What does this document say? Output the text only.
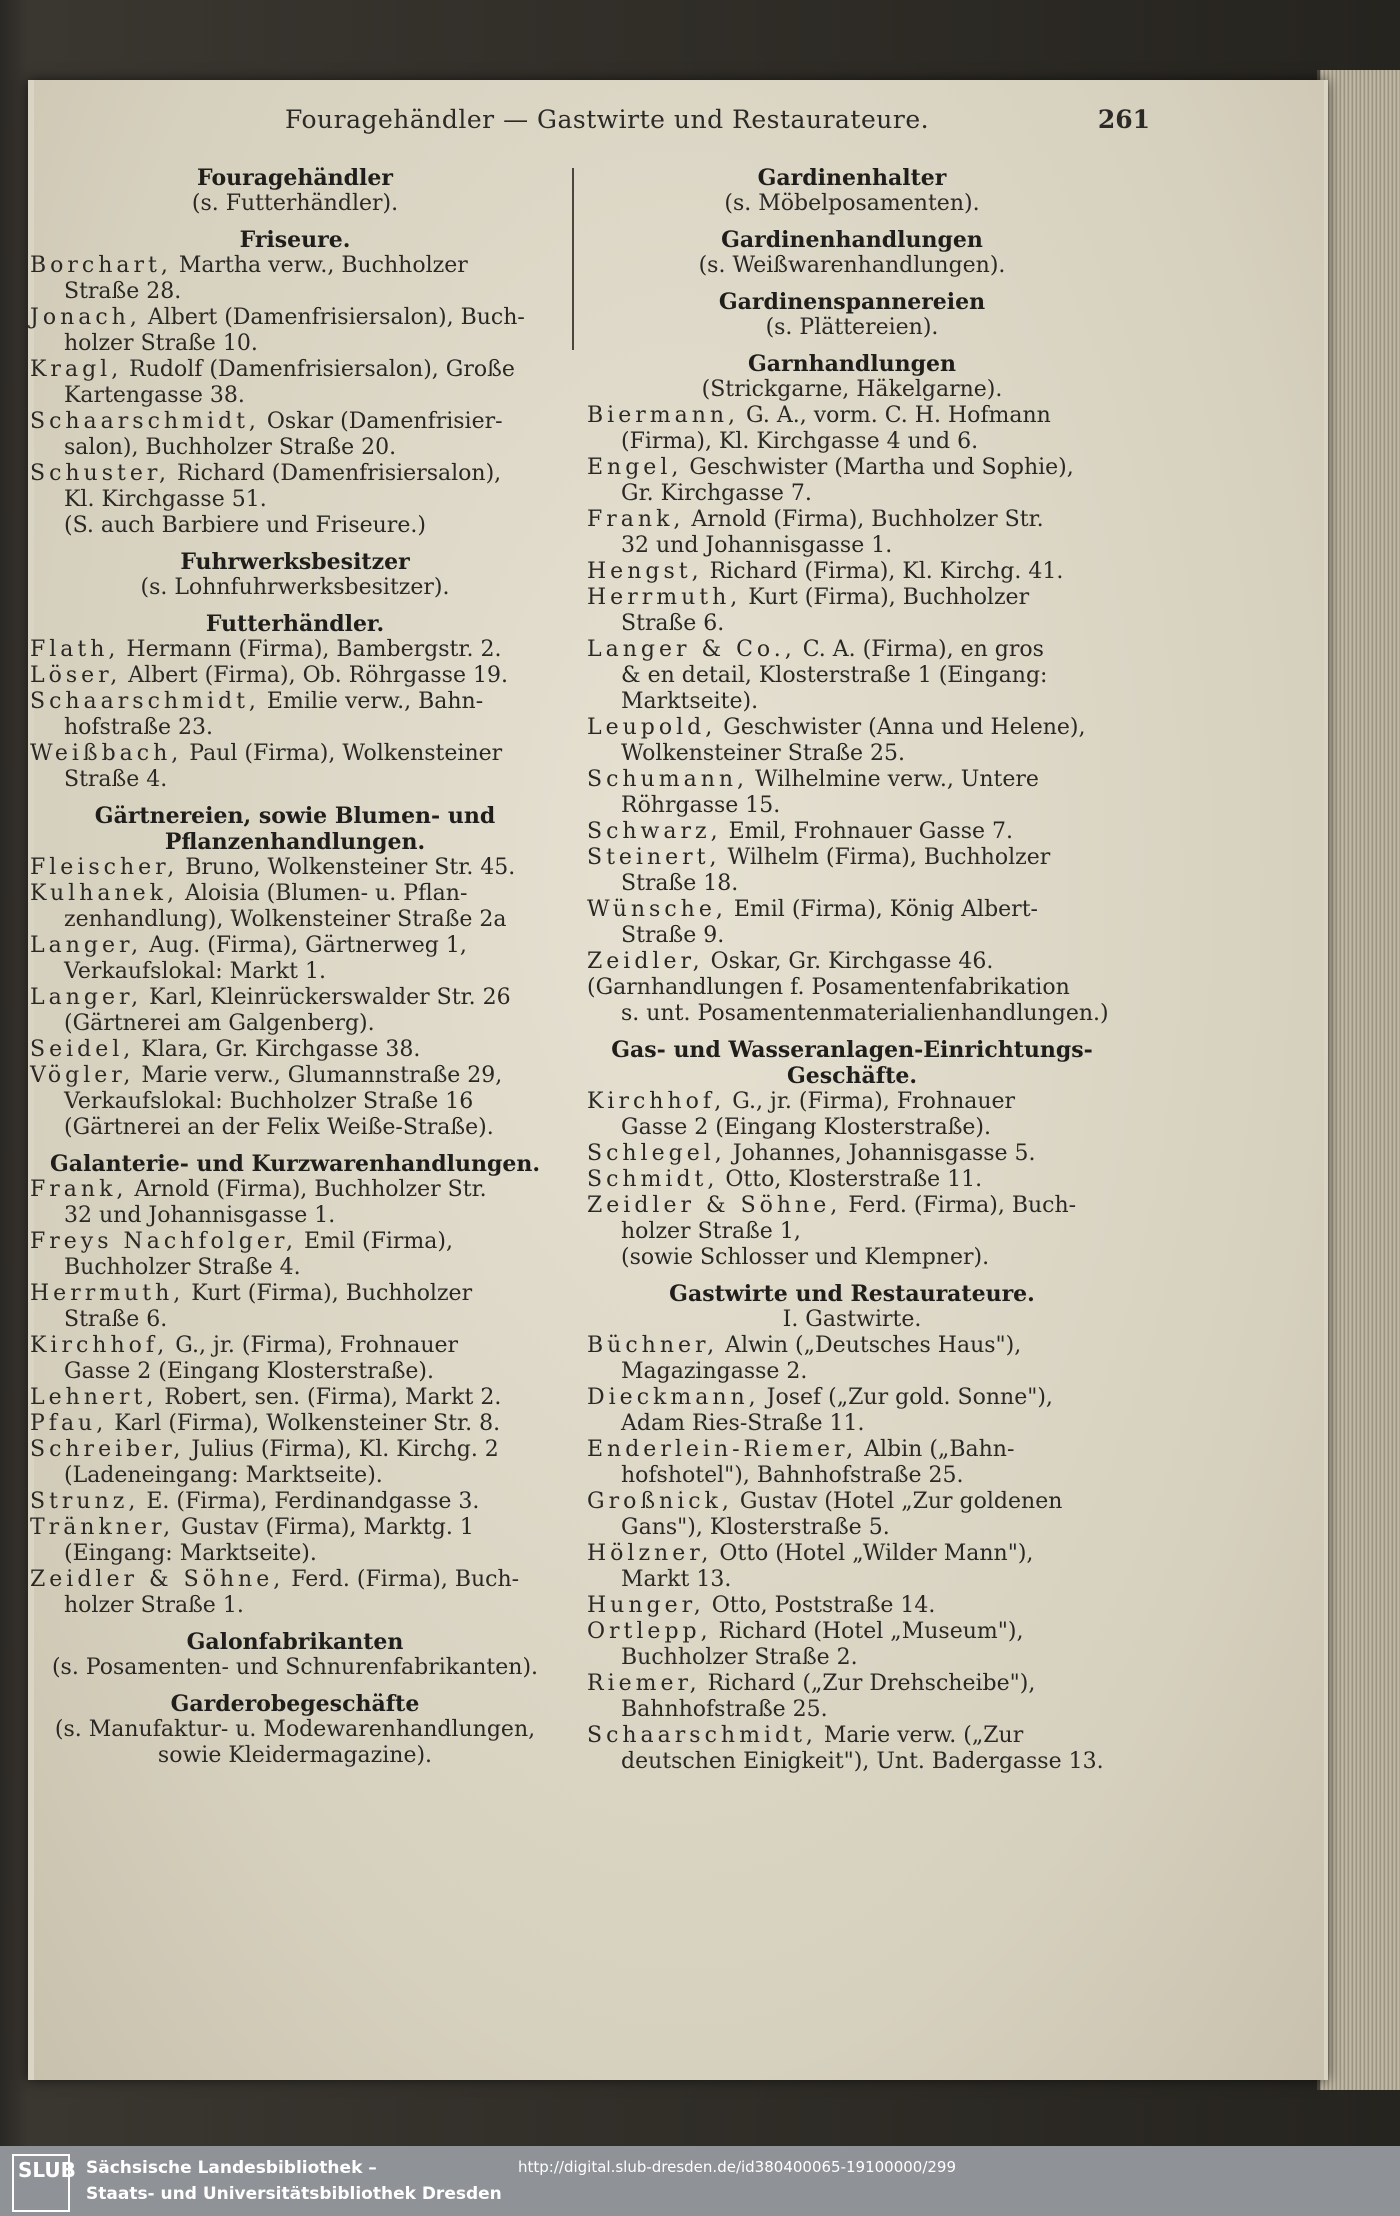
Fouragehändler — Gastwirte und Restaurateure.	261
Fouragehändler
(s. Futterhändler).
Friseure.
Borchart, Martha verw., Buchholzer
Straße 28.
Jonach, Albert (Damenfrisiersalon), Buch-
holzer Straße 10.
Kragl, Rudolf (Damenfrisiersalon), Große
Kartengasse 38.
Schaarschmidt, Oskar (Damenfrisier-
salon), Buchholzer Straße 20.
Schuster, Richard (Damenfrisiersalon),
Kl. Kirchgasse 51.
(S. auch Barbiere und Friseure.)
Fuhrwerksbesitzer
(s. Lohnfuhrwerksbesitzer).
Futterhändler.
Flath, Hermann (Firma), Bambergstr. 2.
Löser, Albert (Firma), Ob. Röhrgasse 19.
Schaarschmidt, Emilie verw., Bahn-
hofstraße 23.
Weißbach, Paul (Firma), Wolkensteiner
Straße 4.
Gärtnereien, sowie Blumen- und Pflanzenhandlungen.
Fleischer, Bruno, Wolkensteiner Str. 45.
Kulhanek, Aloisia (Blumen- u. Pflan-
zenhandlung), Wolkensteiner Straße 2a
Langer, Aug. (Firma), Gärtnerweg 1,
Verkaufslokal: Markt 1.
Langer, Karl, Kleinrückerswalder Str. 26
(Gärtnerei am Galgenberg).
Seidel, Klara, Gr. Kirchgasse 38.
Vögler, Marie verw., Glumannstraße 29,
Verkaufslokal: Buchholzer Straße 16
(Gärtnerei an der Felix Weiße-Straße).
Galanterie- und Kurzwarenhandlungen.
Frank, Arnold (Firma), Buchholzer Str.
32 und Johannisgasse 1.
Freys Nachfolger, Emil (Firma),
Buchholzer Straße 4.
Herrmuth, Kurt (Firma), Buchholzer
Straße 6.
Kirchhof, G., jr. (Firma), Frohnauer
Gasse 2 (Eingang Klosterstraße).
Lehnert, Robert, sen. (Firma), Markt 2.
Pfau, Karl (Firma), Wolkensteiner Str. 8.
Schreiber, Julius (Firma), Kl. Kirchg. 2
(Ladeneingang: Marktseite).
Strunz, E. (Firma), Ferdinandgasse 3.
Tränkner, Gustav (Firma), Marktg. 1
(Eingang: Marktseite).
Zeidler & Söhne, Ferd. (Firma), Buch-
holzer Straße 1.
Galonfabrikanten
(s. Posamenten- und Schnurenfabrikanten).
Garderobegeschäfte
(s. Manufaktur- u. Modewarenhandlungen, sowie Kleidermagazine).
Gardinenhalter
(s. Möbelposamenten).
Gardinenhandlungen
(s. Weißwarenhandlungen).
Gardinenspannereien
(s. Plättereien).
Garnhandlungen
(Strickgarne, Häkelgarne).
Biermann, G. A., vorm. C. H. Hofmann
(Firma), Kl. Kirchgasse 4 und 6.
Engel, Geschwister (Martha und Sophie),
Gr. Kirchgasse 7.
Frank, Arnold (Firma), Buchholzer Str.
32 und Johannisgasse 1.
Hengst, Richard (Firma), Kl. Kirchg. 41.
Herrmuth, Kurt (Firma), Buchholzer
Straße 6.
Langer & Co., C. A. (Firma), en gros
& en detail, Klosterstraße 1 (Eingang:
Marktseite).
Leupold, Geschwister (Anna und Helene),
Wolkensteiner Straße 25.
Schumann, Wilhelmine verw., Untere
Röhrgasse 15.
Schwarz, Emil, Frohnauer Gasse 7.
Steinert, Wilhelm (Firma), Buchholzer
Straße 18.
Wünsche, Emil (Firma), König Albert-
Straße 9.
Zeidler, Oskar, Gr. Kirchgasse 46.
(Garnhandlungen f. Posamentenfabrikation
s. unt. Posamentenmaterialienhandlungen.)
Gas- und Wasseranlagen-Einrichtungs-Geschäfte.
Kirchhof, G., jr. (Firma), Frohnauer
Gasse 2 (Eingang Klosterstraße).
Schlegel, Johannes, Johannisgasse 5.
Schmidt, Otto, Klosterstraße 11.
Zeidler & Söhne, Ferd. (Firma), Buch-
holzer Straße 1,
(sowie Schlosser und Klempner).
Gastwirte und Restaurateure.
I. Gastwirte.
Büchner, Alwin („Deutsches Haus"),
Magazingasse 2.
Dieckmann, Josef („Zur gold. Sonne"),
Adam Ries-Straße 11.
Enderlein-Riemer, Albin („Bahn-
hofshotel"), Bahnhofstraße 25.
Großnick, Gustav (Hotel „Zur goldenen
Gans"), Klosterstraße 5.
Hölzner, Otto (Hotel „Wilder Mann"),
Markt 13.
Hunger, Otto, Poststraße 14.
Ortlepp, Richard (Hotel „Museum"),
Buchholzer Straße 2.
Riemer, Richard („Zur Drehscheibe"),
Bahnhofstraße 25.
Schaarschmidt, Marie verw. („Zur
deutschen Einigkeit"), Unt. Badergasse 13.
SLUB Sächsische Landesbibliothek –
Staats- und Universitätsbibliothek Dresden
http://digital.slub-dresden.de/id380400065-19100000/299
